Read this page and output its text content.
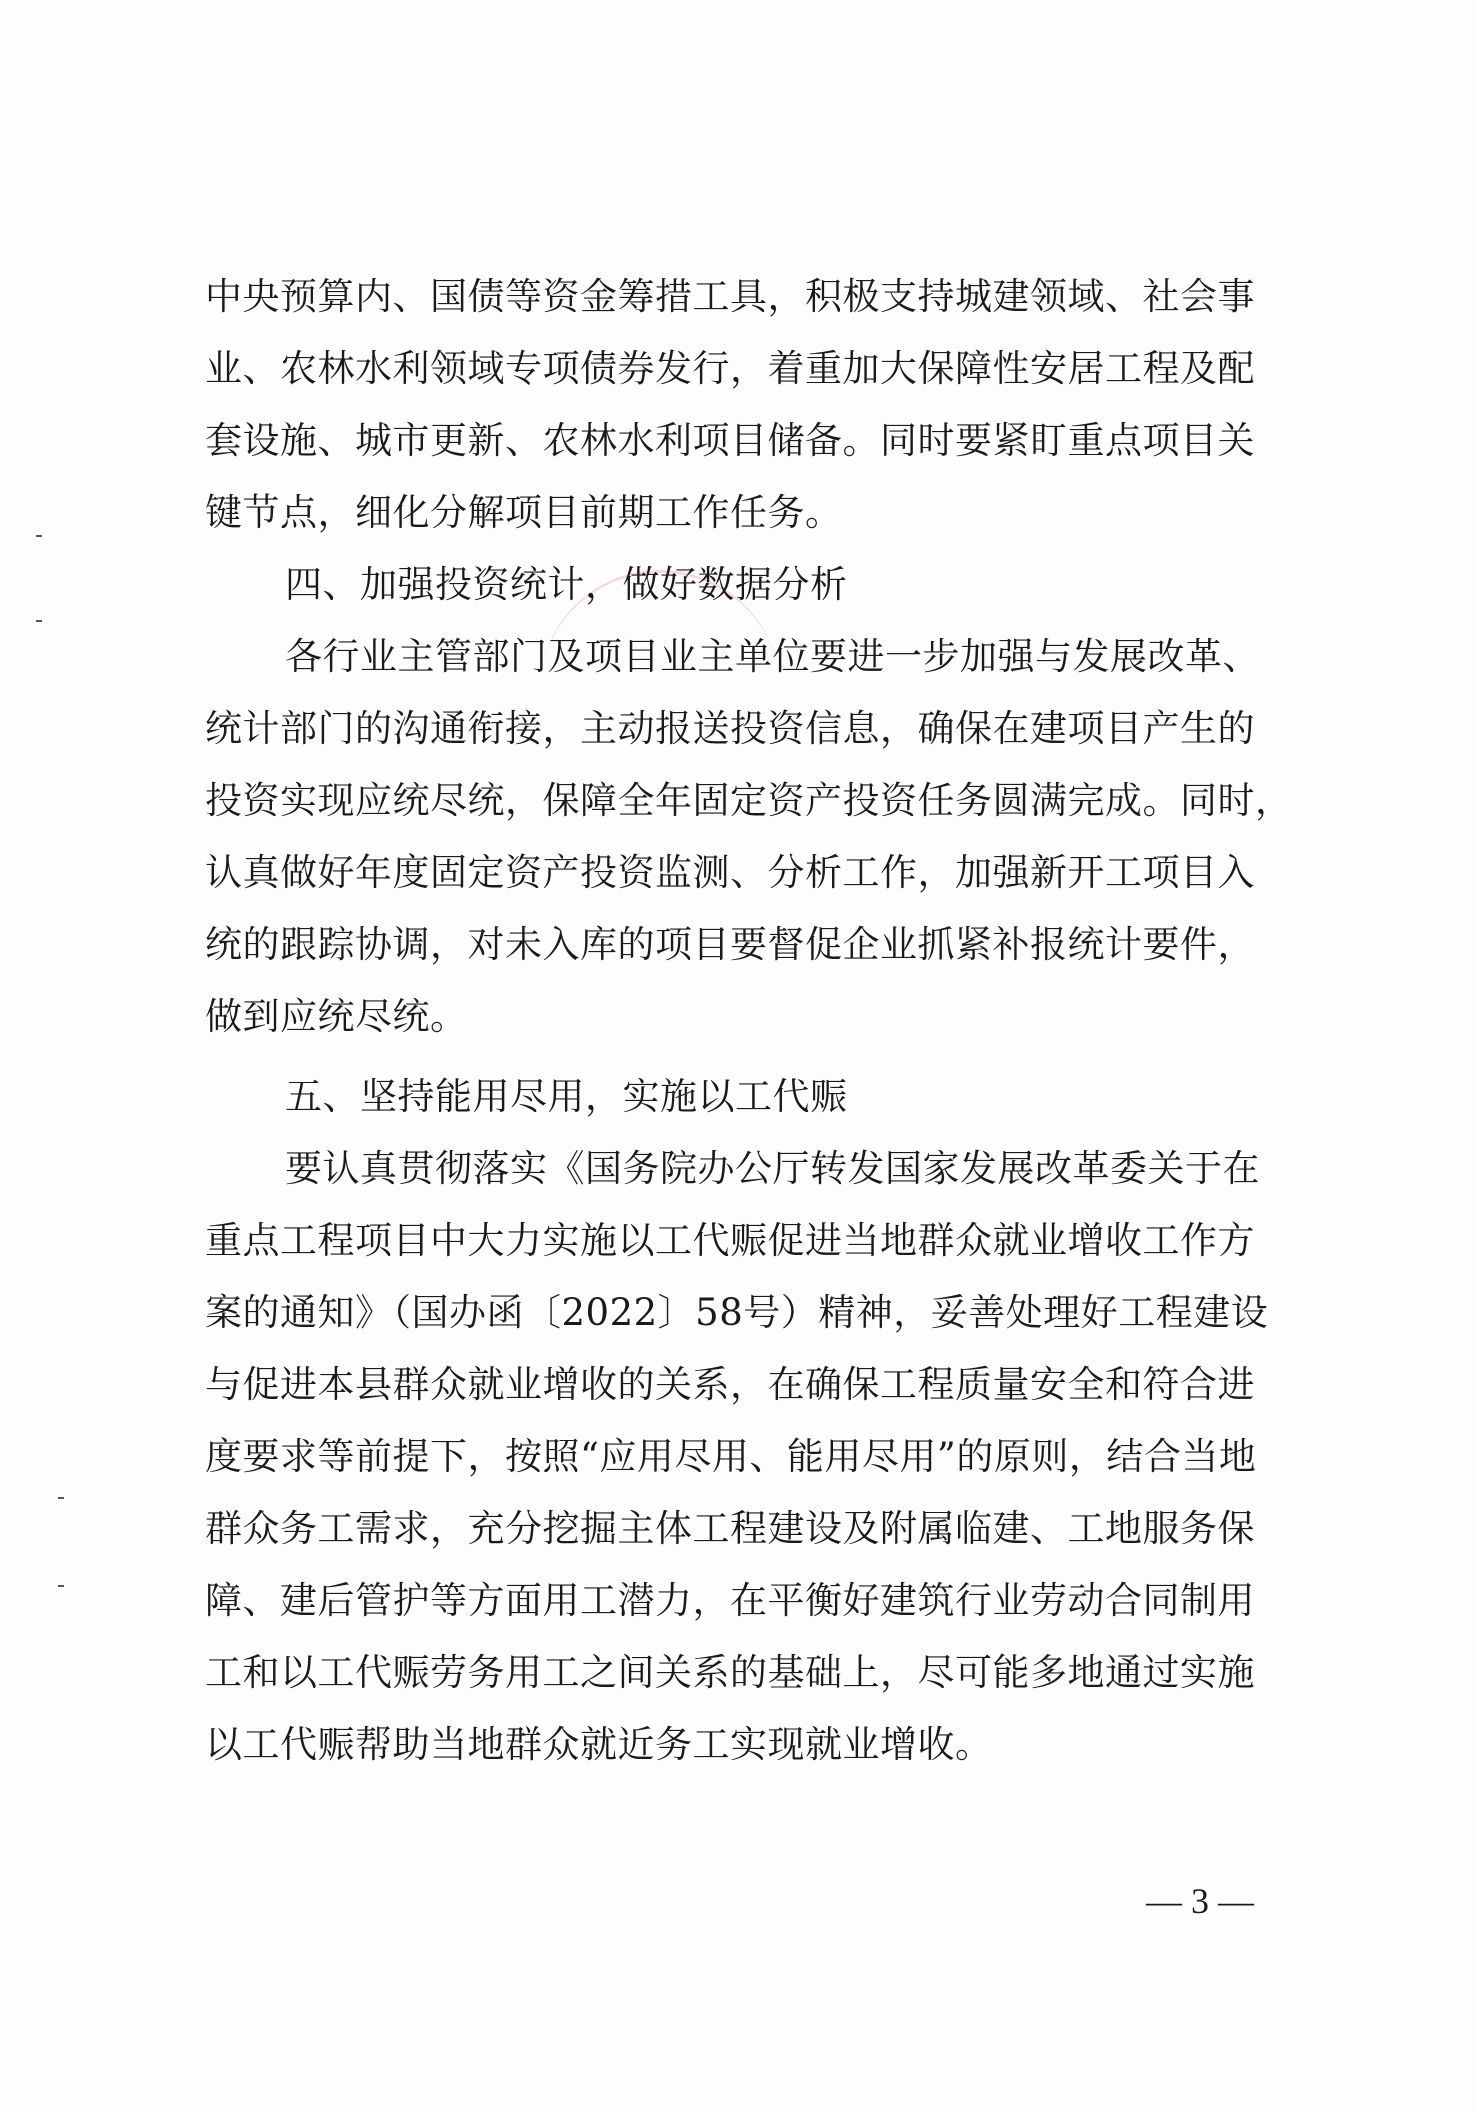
中央预算内、国债等资金筹措工具，积极支持城建领域、社会事
业、农林水利领域专项债券发行，着重加大保障性安居工程及配
套设施、城市更新、农林水利项目储备。同时要紧盯重点项目关
键节点，细化分解项目前期工作任务。
四、加强投资统计，做好数据分析
各行业主管部门及项目业主单位要进一步加强与发展改革、
统计部门的沟通衔接，主动报送投资信息，确保在建项目产生的
投资实现应统尽统，保障全年固定资产投资任务圆满完成。同时，
认真做好年度固定资产投资监测、分析工作，加强新开工项目入
统的跟踪协调，对未入库的项目要督促企业抓紧补报统计要件，
做到应统尽统。
五、坚持能用尽用，实施以工代赈
要认真贯彻落实《国务院办公厅转发国家发展改革委关于在
重点工程项目中大力实施以工代赈促进当地群众就业增收工作方
案的通知》（国办函〔2022〕58号）精神，妥善处理好工程建设
与促进本县群众就业增收的关系，在确保工程质量安全和符合进
度要求等前提下，按照“应用尽用、能用尽用”的原则，结合当地
群众务工需求，充分挖掘主体工程建设及附属临建、工地服务保
障、建后管护等方面用工潜力，在平衡好建筑行业劳动合同制用
工和以工代赈劳务用工之间关系的基础上，尽可能多地通过实施
以工代赈帮助当地群众就近务工实现就业增收。
— 3 —
